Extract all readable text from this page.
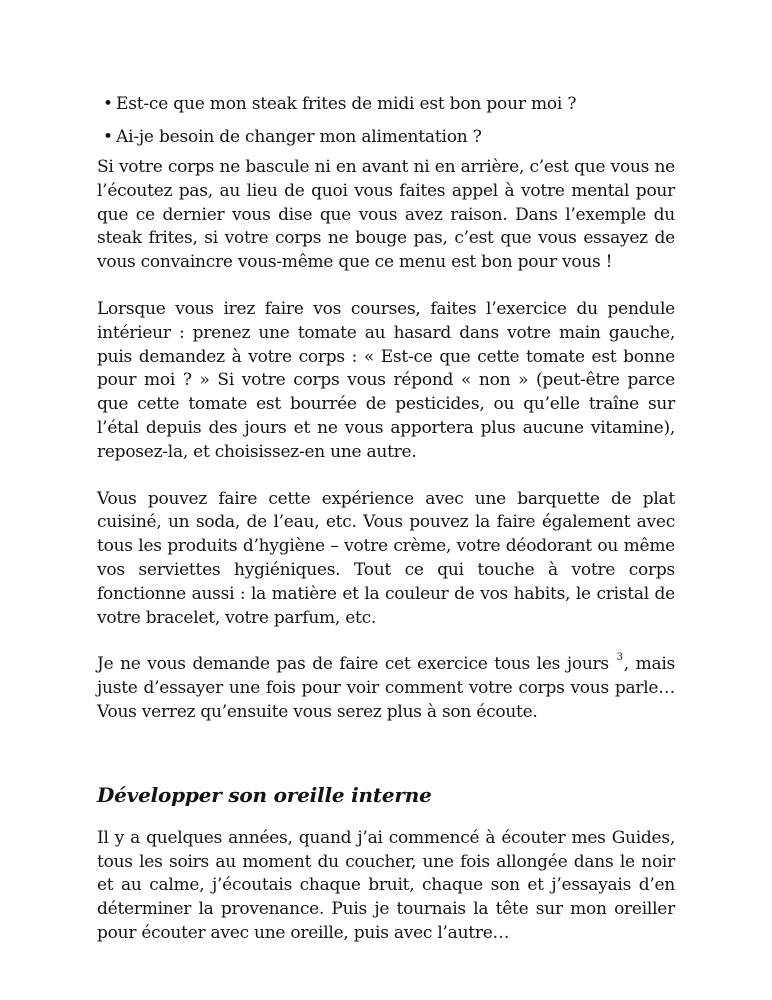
• Est-ce que mon steak frites de midi est bon pour moi ?
• Ai-je besoin de changer mon alimentation ?

Si votre corps ne bascule ni en avant ni en arrière, c’est que vous ne l’écoutez pas, au lieu de quoi vous faites appel à votre mental pour que ce dernier vous dise que vous avez raison. Dans l’exemple du steak frites, si votre corps ne bouge pas, c’est que vous essayez de vous convaincre vous-même que ce menu est bon pour vous !

Lorsque vous irez faire vos courses, faites l’exercice du pendule intérieur : prenez une tomate au hasard dans votre main gauche, puis demandez à votre corps : « Est-ce que cette tomate est bonne pour moi ? » Si votre corps vous répond « non » (peut-être parce que cette tomate est bourrée de pesticides, ou qu’elle traîne sur l’étal depuis des jours et ne vous apportera plus aucune vitamine), reposez-la, et choisissez-en une autre.

Vous pouvez faire cette expérience avec une barquette de plat cuisiné, un soda, de l’eau, etc. Vous pouvez la faire également avec tous les produits d’hygiène – votre crème, votre déodorant ou même vos serviettes hygiéniques. Tout ce qui touche à votre corps fonctionne aussi : la matière et la couleur de vos habits, le cristal de votre bracelet, votre parfum, etc.

Je ne vous demande pas de faire cet exercice tous les jours $^3$, mais juste d’essayer une fois pour voir comment votre corps vous parle… Vous verrez qu’ensuite vous serez plus à son écoute.

Développer son oreille interne

Il y a quelques années, quand j’ai commencé à écouter mes Guides, tous les soirs au moment du coucher, une fois allongée dans le noir et au calme, j’écoutais chaque bruit, chaque son et j’essayais d’en déterminer la provenance. Puis je tournais la tête sur mon oreiller pour écouter avec une oreille, puis avec l’autre…
